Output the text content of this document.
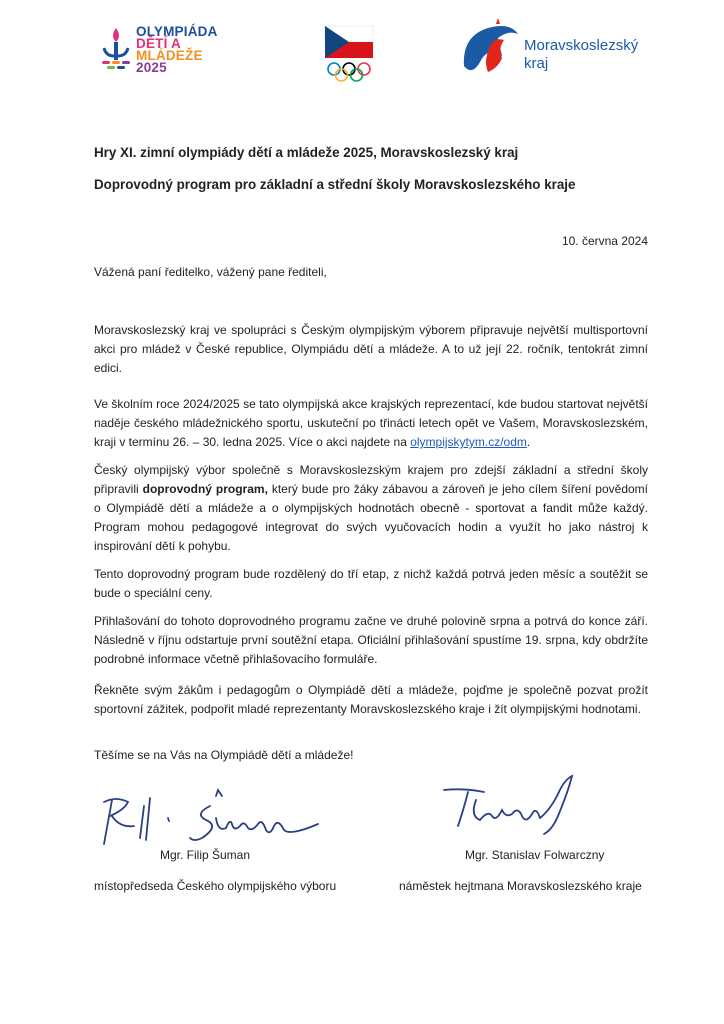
OLYMPIÁDA
DĚTÍ A
MLÁDEŽE
2025
Moravskoslezský
kraj
Hry XI. zimní olympiády dětí a mládeže 2025, Moravskoslezský kraj
Doprovodný program pro základní a střední školy Moravskoslezského kraje
10. června 2024
Vážená paní ředitelko, vážený pane řediteli,

Moravskoslezský kraj ve spolupráci s Českým olympijským výborem připravuje největší multisportovní akci pro mládež v České republice, Olympiádu dětí a mládeže. A to už její 22. ročník, tentokrát zimní edici.

Ve školním roce 2024/2025 se tato olympijská akce krajských reprezentací, kde budou startovat největší naděje českého mládežnického sportu, uskuteční po třinácti letech opět ve Vašem, Moravskoslezském, kraji v termínu 26. – 30. ledna 2025. Více o akci najdete na olympijskytym.cz/odm.

Český olympijský výbor společně s Moravskoslezským krajem pro zdejší základní a střední školy připravili doprovodný program, který bude pro žáky zábavou a zároveň je jeho cílem šíření povědomí o Olympiádě dětí a mládeže a o olympijských hodnotách obecně - sportovat a fandit může každý. Program mohou pedagogové integrovat do svých vyučovacích hodin a využít ho jako nástroj k inspirování dětí k pohybu.

Tento doprovodný program bude rozdělený do tří etap, z nichž každá potrvá jeden měsíc a soutěžit se bude o speciální ceny.

Přihlašování do tohoto doprovodného programu začne ve druhé polovině srpna a potrvá do konce září. Následně v říjnu odstartuje první soutěžní etapa. Oficiální přihlašování spustíme 19. srpna, kdy obdržíte podrobné informace včetně přihlašovacího formuláře.

Řekněte svým žákům i pedagogům o Olympiádě dětí a mládeže, pojďme je společně pozvat prožít sportovní zážitek, podpořit mladé reprezentanty Moravskoslezského kraje i žít olympijskými hodnotami.

Těšíme se na Vás na Olympiádě dětí a mládeže!
Mgr. Filip Šuman	Mgr. Stanislav Folwarczny
místopředseda Českého olympijského výboru	náměstek hejtmana Moravskoslezského kraje
